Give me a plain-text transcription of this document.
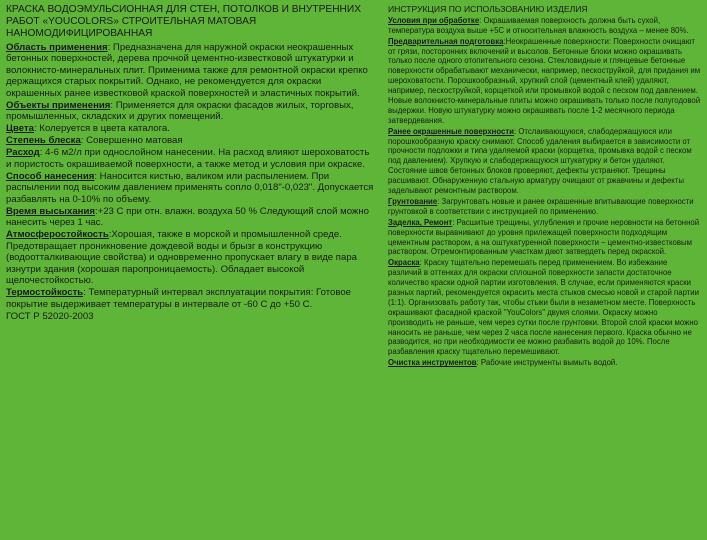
КРАСКА ВОДОЭМУЛЬСИОННАЯ ДЛЯ СТЕН, ПОТОЛКОВ И ВНУТРЕННИХ РАБОТ «YOUCOLORS» СТРОИТЕЛЬНАЯ МАТОВАЯ НАНОМОДИФИЦИРОВАННАЯ
Область применения: Предназначена для наружной окраски неокрашенных бетонных поверхностей, дерева прочной цементно-известковой штукатурки и волокнисто-минеральных плит. Применима также для ремонтной окраски крепко держащихся старых покрытий. Однако, не рекомендуется для окраски окрашенных ранее известковой краской поверхностей и эластичных покрытий.
Объекты применения: Применяется для окраски фасадов жилых, торговых, промышленных, складских и других помещений.
Цвета: Колеруется в цвета каталога.
Степень блеска: Совершенно матовая
Расход: 4-6 м2/л при однослойном нанесении. На расход влияют шероховатость и пористость окрашиваемой поверхности, а также метод и условия при окраске.
Способ нанесения: Наносится кистью, валиком или распылением. При распылении под высоким давлением применять сопло 0,018"-0,023". Допускается разбавлять на 0-10% по объему.
Время высыхания:+23 С при отн. влажн. воздуха 50 % Следующий слой можно нанесить через 1 час.
Атмосферостойкость:Хорошая, также в морской и промышленной среде. Предотвращает проникновение дождевой воды и брызг в конструкцию (водоотталкивающие свойства) и одновременно пропускает влагу в виде пара изнутри здания (хорошая паропроницаемость). Обладает высокой щелочестойкостью.
Термостойкость: Температурный интервал эксплуатации покрытия: Готовое покрытие выдерживает температуры в интервале от -60 С до +50 С.
ГОСТ Р 52020-2003
ИНСТРУКЦИЯ ПО ИСПОЛЬЗОВАНИЮ ИЗДЕЛИЯ
Условия при обработке: Окрашиваемая поверхность должна быть сухой, температура воздуха выше +5С и относительная влажность воздуха – менее 80%.
Предварительная подготовка:Неокрашенные поверхности: Поверхности очищают от грязи, посторонних включений и высолов. Бетонные блоки можно окрашивать только после одного отопительного сезона. Стекловидные и глянцевые бетонные поверхности обрабатывают механически, например, пескоструйкой, для придания им шероховатости. Порошкообразный, хрупкий слой (цементный клей) удаляют, например, пескоструйкой, корщеткой или промывкой водой с песком под давлением. Новые волокнисто-минеральные плиты можно окрашивать только после полугодовой выдержки. Новую штукатурку можно окрашивать после 1-2 месячного периода затвердевания.
Ранее окрашенные поверхности: Отслаивающуюся, слабодержащуюся или порошкообразную краску снимают. Способ удаления выбирается в зависимости от прочности подложки и типа удаляемой краски (корщетка, промывка водой с песком под давлением). Хрупкую и слабодержащуюся штукатурку и бетон удаляют. Состояние швов бетонных блоков проверяют, дефекты устраняют. Трещины расшивают. Обнаруженную стальную арматуру очищают от ржавчины и дефекты заделывают ремонтным раствором.
Грунтование: Загрунтовать новые и ранее окрашенные впитывающие поверхности грунтовкой в соответствии с инструкцией по применению.
Заделка, Ремонт: Расшитые трещины, углубления и прочие неровности на бетонной поверхности выравнивают до уровня прилежащей поверхности подходящим цементным раствором, а на оштукатуренной поверхности – цементно-известковым раствором. Отремонтированным участкам дают затвердеть перед окраской.
Окраска: Краску тщательно перемешать перед применением. Во избежание различий в оттенках для окраски сплошной поверхности запасти достаточное количество краски одной партии изготовления. В случае, если применяются краски разных партий, рекомендуется окрасить места стыков смесью новой и старой партии (1:1). Организовать работу так, чтобы стыки были в незаметном месте. Поверхность окрашивают фасадной краской "YouColors" двумя слоями. Окраску можно производить не раньше, чем через сутки после грунтовки. Второй слой краски можно наносить не раньше, чем через 2 часа после нанесения первого. Краска обычно не разводится, но при необходимости ее можно разбавить водой до 10%. После разбавления краску тщательно перемешивают.
Очистка инструментов: Рабочие инструменты вымыть водой.
